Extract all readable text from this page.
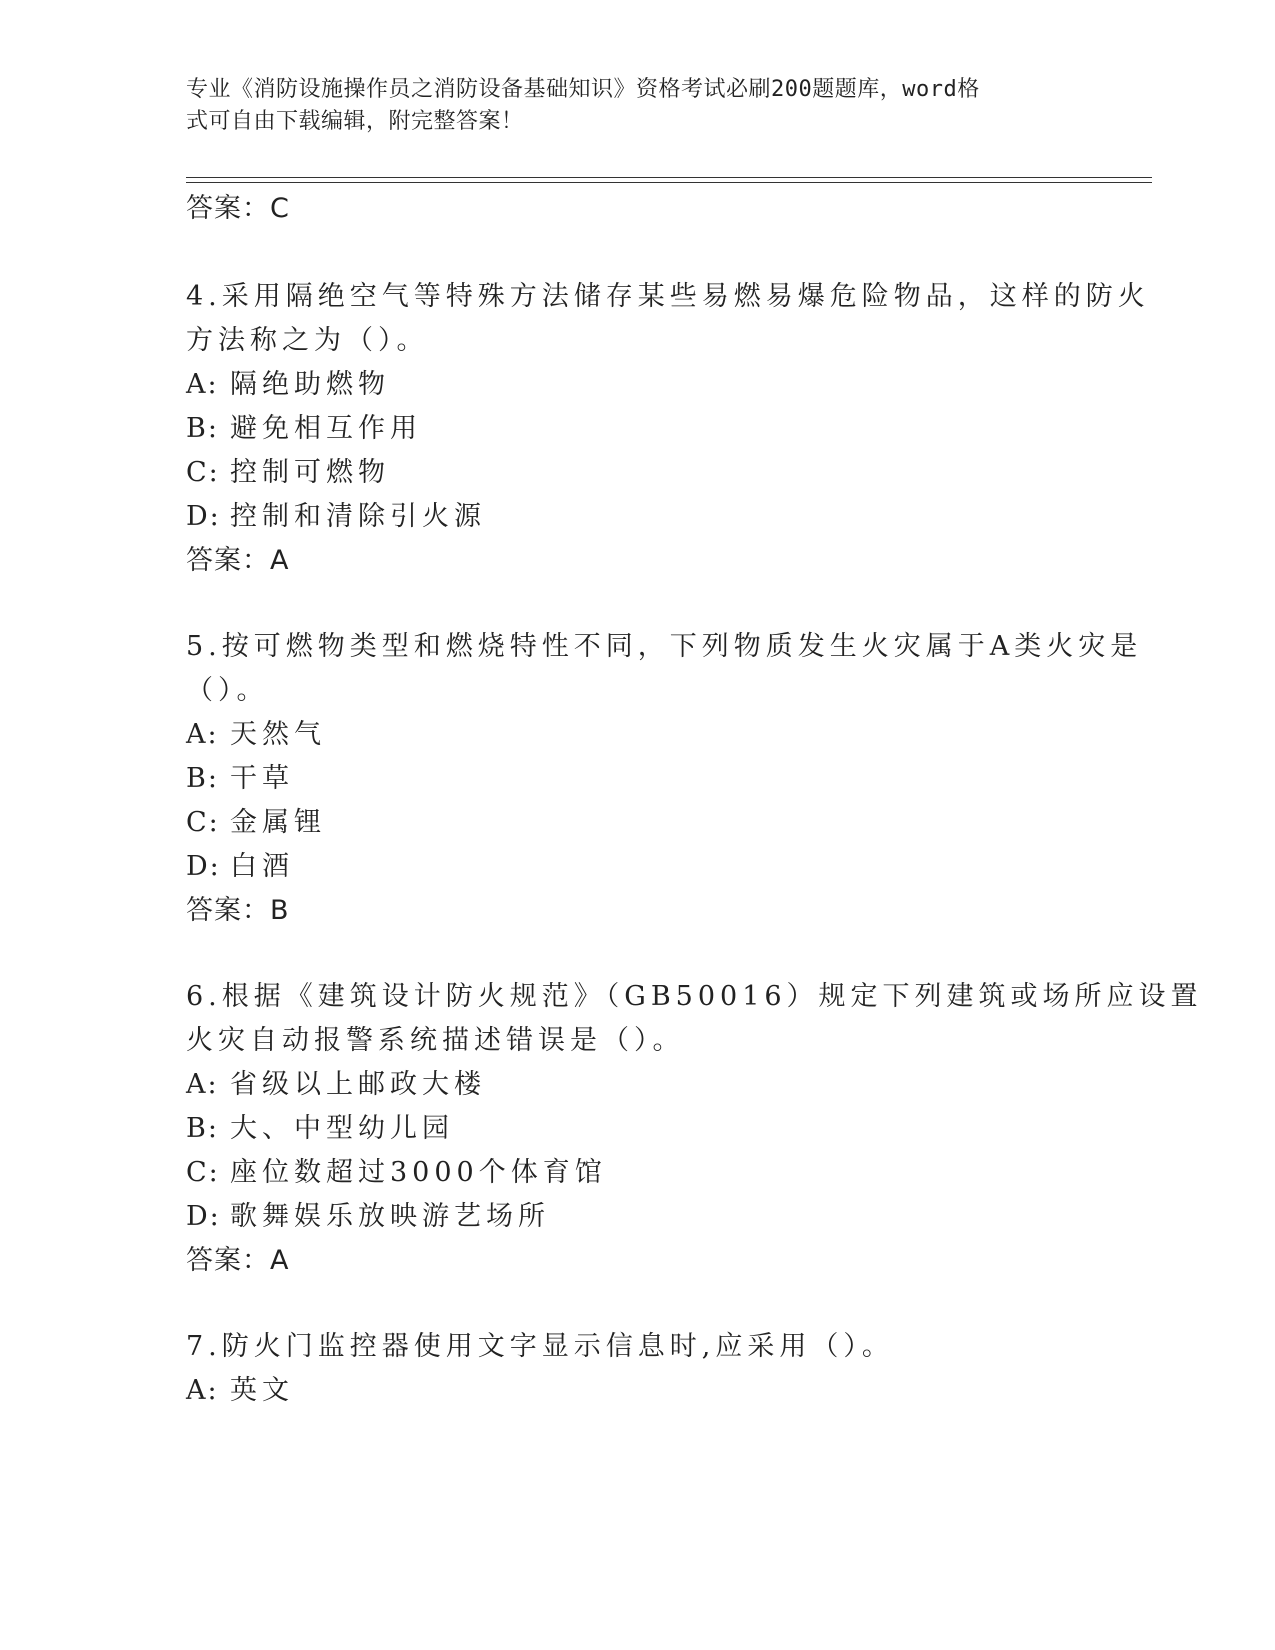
专业《消防设施操作员之消防设备基础知识》资格考试必刷200题题库，word格
式可自由下载编辑，附完整答案！
答案：C
4.采用隔绝空气等特殊方法储存某些易燃易爆危险物品，这样的防火
方法称之为（）。
A: 隔绝助燃物
B: 避免相互作用
C: 控制可燃物
D: 控制和清除引火源
答案：A
5.按可燃物类型和燃烧特性不同，下列物质发生火灾属于A类火灾是
（）。
A: 天然气
B: 干草
C: 金属锂
D: 白酒
答案：B
6.根据《建筑设计防火规范》（GB50016）规定下列建筑或场所应设置
火灾自动报警系统描述错误是（）。
A: 省级以上邮政大楼
B: 大、中型幼儿园
C: 座位数超过3000个体育馆
D: 歌舞娱乐放映游艺场所
答案：A
7.防火门监控器使用文字显示信息时,应采用（）。
A: 英文
